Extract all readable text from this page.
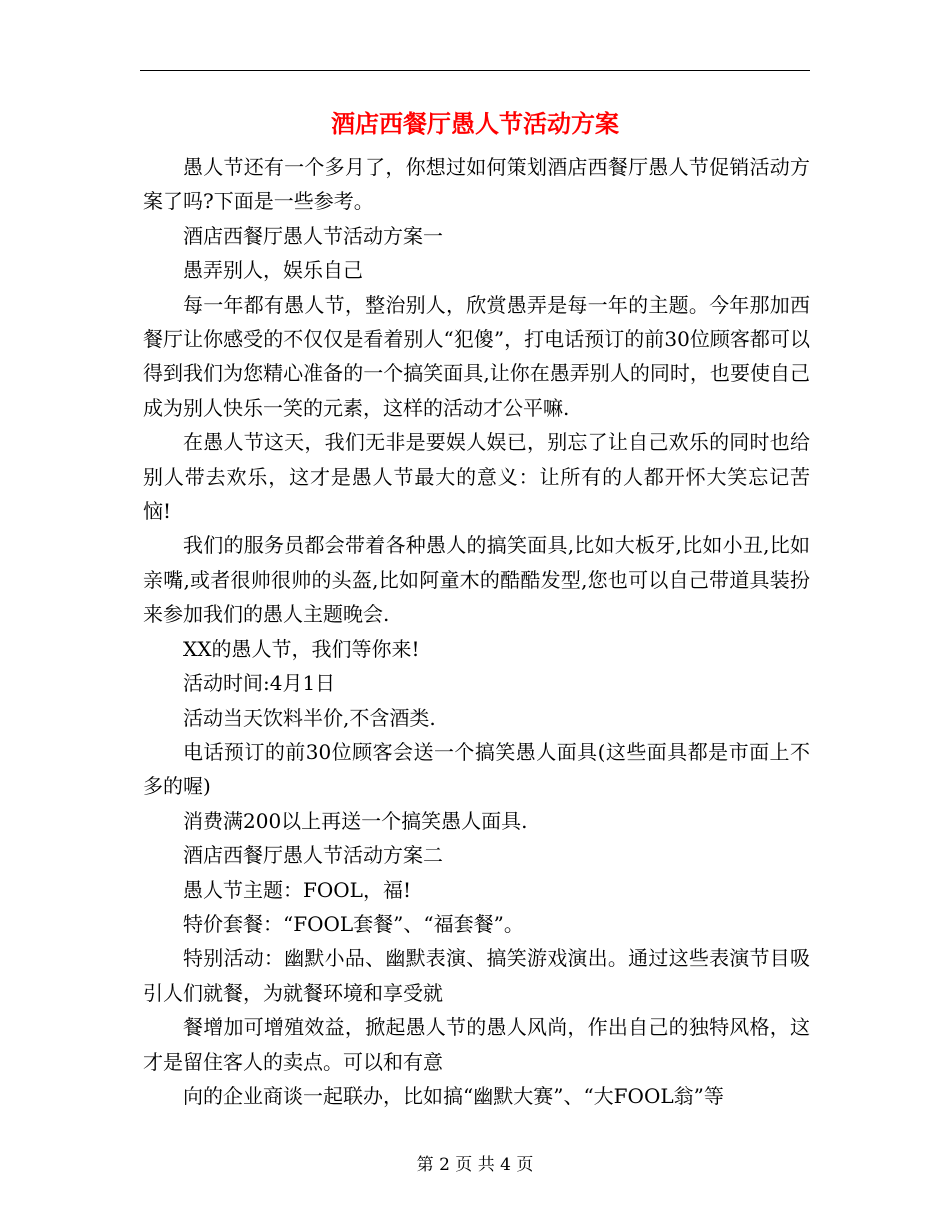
酒店西餐厅愚人节活动方案

愚人节还有一个多月了，你想过如何策划酒店西餐厅愚人节促销活动方案了吗?下面是一些参考。

酒店西餐厅愚人节活动方案一

愚弄别人，娱乐自己

每一年都有愚人节，整治别人，欣赏愚弄是每一年的主题。今年那加西餐厅让你感受的不仅仅是看着别人“犯傻”，打电话预订的前30位顾客都可以得到我们为您精心准备的一个搞笑面具,让你在愚弄别人的同时，也要使自己成为别人快乐一笑的元素，这样的活动才公平嘛.

在愚人节这天，我们无非是要娱人娱已，别忘了让自己欢乐的同时也给别人带去欢乐，这才是愚人节最大的意义：让所有的人都开怀大笑忘记苦恼!

我们的服务员都会带着各种愚人的搞笑面具,比如大板牙,比如小丑,比如亲嘴,或者很帅很帅的头盔,比如阿童木的酷酷发型,您也可以自己带道具装扮来参加我们的愚人主题晚会.

XX的愚人节，我们等你来!

活动时间:4月1日

活动当天饮料半价,不含酒类.

电话预订的前30位顾客会送一个搞笑愚人面具(这些面具都是市面上不多的喔)

消费满200以上再送一个搞笑愚人面具.

酒店西餐厅愚人节活动方案二

愚人节主题：FOOL，福!

特价套餐：“FOOL套餐”、“福套餐”。

特别活动：幽默小品、幽默表演、搞笑游戏演出。通过这些表演节目吸引人们就餐，为就餐环境和享受就

餐增加可增殖效益，掀起愚人节的愚人风尚，作出自己的独特风格，这才是留住客人的卖点。可以和有意

向的企业商谈一起联办，比如搞“幽默大赛”、“大FOOL翁”等

第 2 页 共 4 页
